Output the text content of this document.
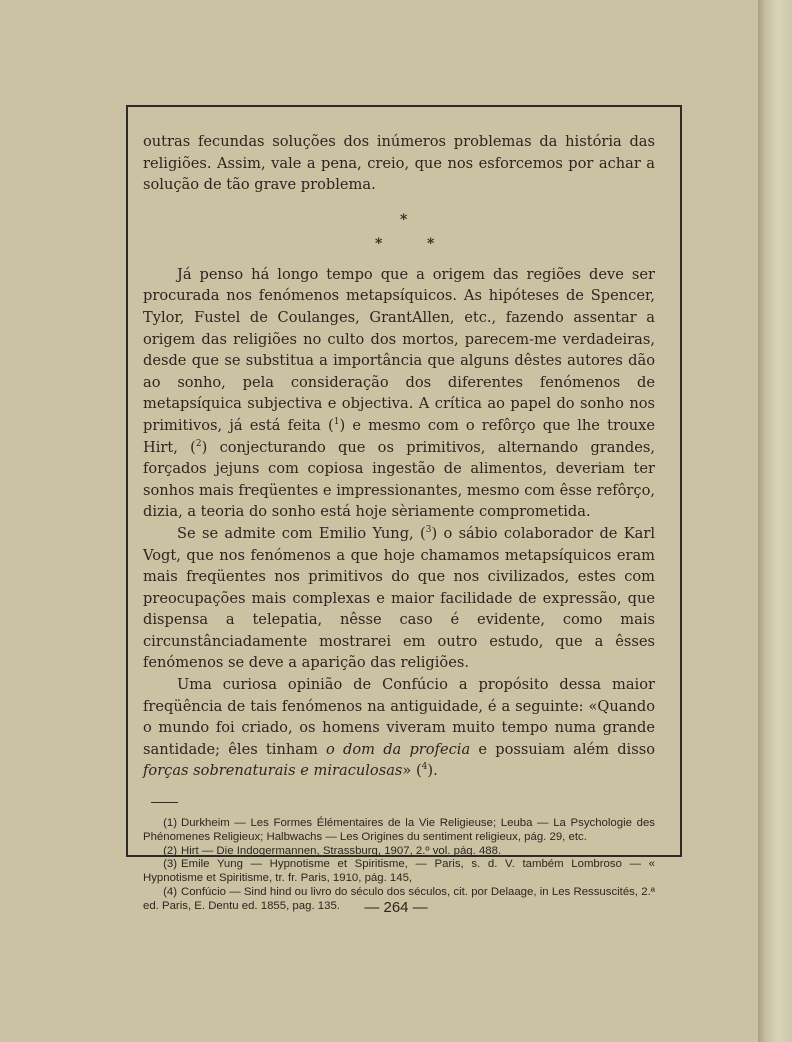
outras fecundas soluções dos inúmeros problemas da história das religiões. Assim, vale a pena, creio, que nos esforcemos por achar a solução de tão grave problema.

*
*	*

Já penso há longo tempo que a origem das regiões deve ser procurada nos fenómenos metapsíquicos. As hipóteses de Spencer, Tylor, Fustel de Coulanges, GrantAllen, etc., fazendo assentar a origem das religiões no culto dos mortos, parecem-me verdadeiras, desde que se substitua a importância que alguns dêstes autores dão ao sonho, pela consideração dos diferentes fenómenos de metapsíquica subjectiva e objectiva. A crítica ao papel do sonho nos primitivos, já está feita ($^1$) e mesmo com o refôrço que lhe trouxe Hirt, ($^2$) conjecturando que os primitivos, alternando grandes, forçados jejuns com copiosa ingestão de alimentos, deveriam ter sonhos mais freqüentes e impressionantes, mesmo com êsse refôrço, dizia, a teoria do sonho está hoje sèriamente comprometida.

Se se admite com Emilio Yung, ($^3$) o sábio colaborador de Karl Vogt, que nos fenómenos a que hoje chamamos metapsíquicos eram mais freqüentes nos primitivos do que nos civilizados, estes com preocupações mais complexas e maior facilidade de expressão, que dispensa a telepatia, nêsse caso é evidente, como mais circunstânciadamente mostrarei em outro estudo, que a êsses fenómenos se deve a aparição das religiões.

Uma curiosa opinião de Confúcio a propósito dessa maior freqüência de tais fenómenos na antiguidade, é a seguinte: «Quando o mundo foi criado, os homens viveram muito tempo numa grande santidade; êles tinham o dom da profecia e possuiam além disso forças sobrenaturais e miraculosas» ($^4$).

(1) Durkheim — Les Formes Élémentaires de la Vie Religieuse; Leuba — La Psychologie des Phénomenes Religieux; Halbwachs — Les Origines du sentiment religieux, pág. 29, etc.

(2) Hirt — Die Indogermannen, Strassburg, 1907, 2.º vol. pág. 488.

(3) Emile Yung — Hypnotisme et Spiritisme, — Paris, s. d. V. também Lombroso — « Hypnotisme et Spiritisme, tr. fr. Paris, 1910, pág. 145,

(4) Confúcio — Sind hind ou livro do século dos séculos, cit. por Delaage, in Les Ressuscités, 2.ª ed. Paris, E. Dentu ed. 1855, pag. 135.	— 264 —
